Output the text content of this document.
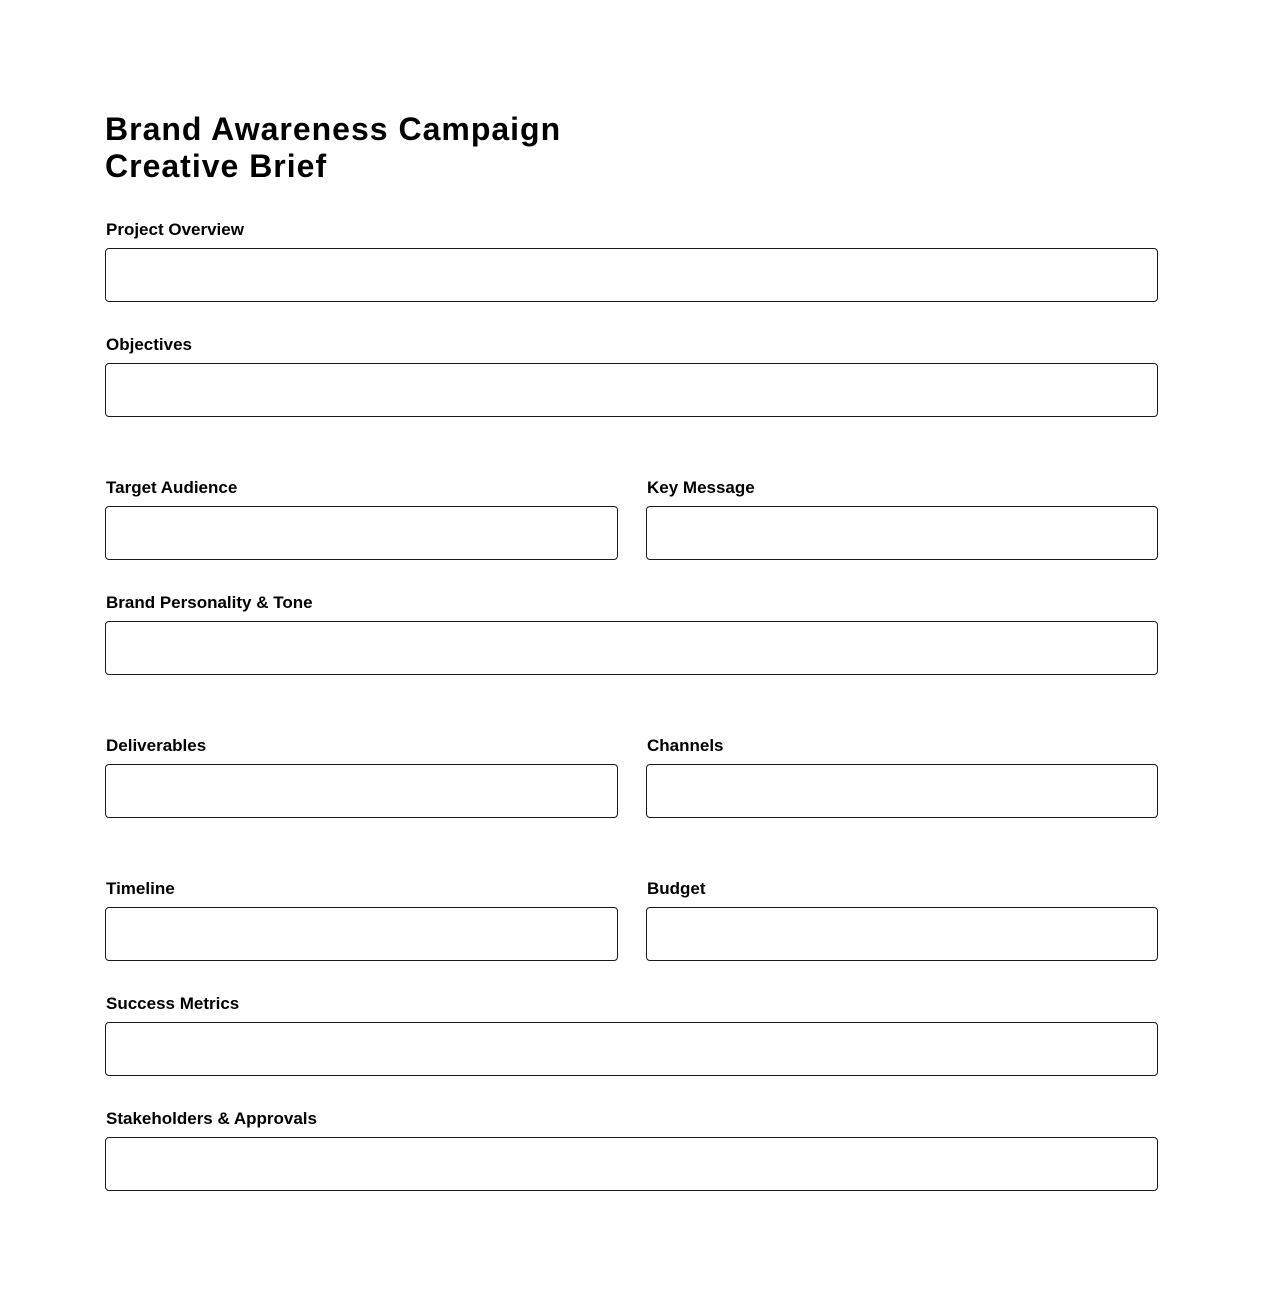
Brand Awareness Campaign
Creative Brief
Project Overview
Objectives
Target Audience	Key Message
Brand Personality & Tone
Deliverables	Channels
Timeline	Budget
Success Metrics
Stakeholders & Approvals
